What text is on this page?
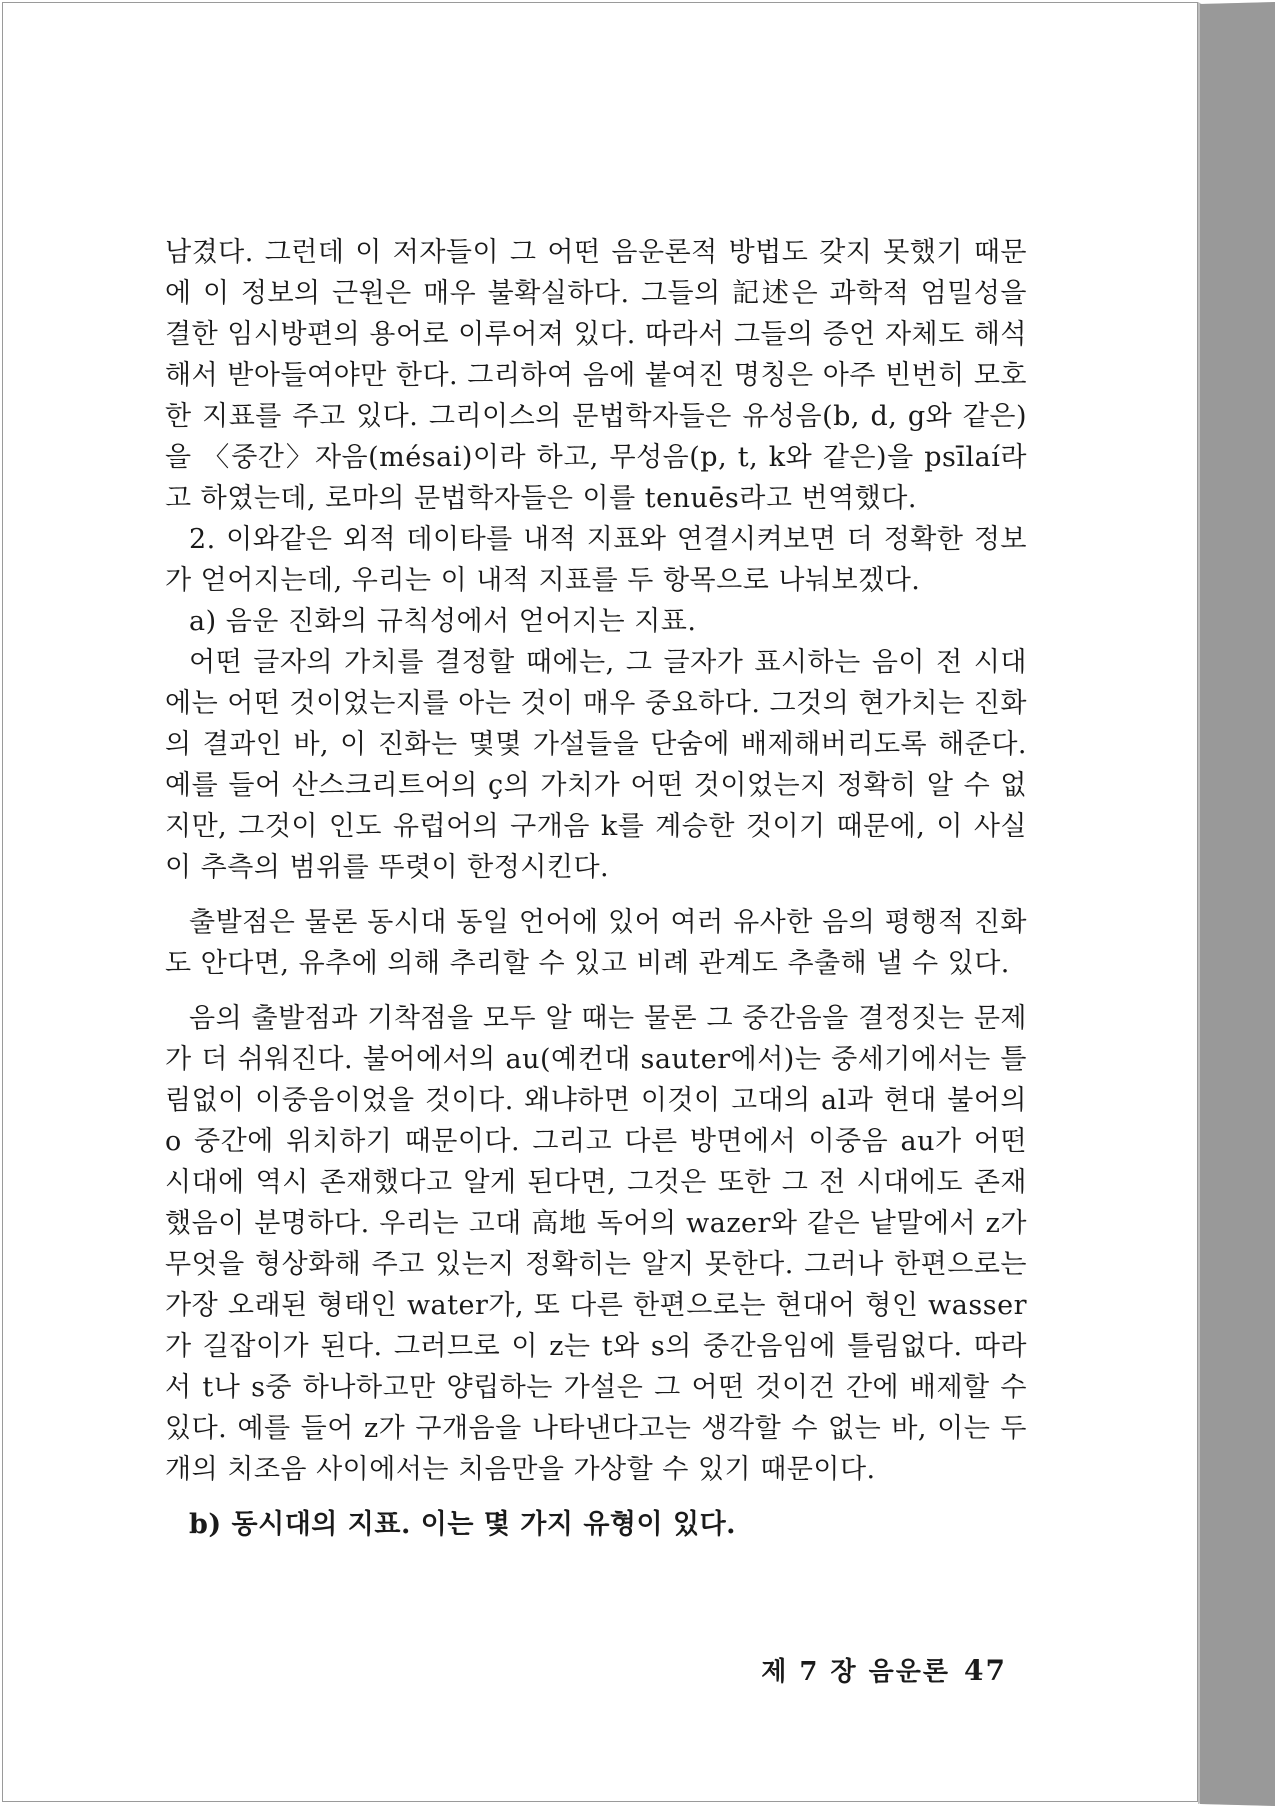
남겼다. 그런데 이 저자들이 그 어떤 음운론적 방법도 갖지 못했기 때문에 이 정보의 근원은 매우 불확실하다. 그들의 記述은 과학적 엄밀성을 결한 임시방편의 용어로 이루어져 있다. 따라서 그들의 증언 자체도 해석해서 받아들여야만 한다. 그리하여 음에 붙여진 명칭은 아주 빈번히 모호한 지표를 주고 있다. 그리이스의 문법학자들은 유성음(b, d, g와 같은)을 〈중간〉자음(mésai)이라 하고, 무성음(p, t, k와 같은)을 psīlaí라고 하였는데, 로마의 문법학자들은 이를 tenuēs라고 번역했다.

2. 이와같은 외적 데이타를 내적 지표와 연결시켜보면 더 정확한 정보가 얻어지는데, 우리는 이 내적 지표를 두 항목으로 나눠보겠다.

a) 음운 진화의 규칙성에서 얻어지는 지표.

어떤 글자의 가치를 결정할 때에는, 그 글자가 표시하는 음이 전 시대에는 어떤 것이었는지를 아는 것이 매우 중요하다. 그것의 현가치는 진화의 결과인 바, 이 진화는 몇몇 가설들을 단숨에 배제해버리도록 해준다. 예를 들어 산스크리트어의 ç의 가치가 어떤 것이었는지 정확히 알 수 없지만, 그것이 인도 유럽어의 구개음 k를 계승한 것이기 때문에, 이 사실이 추측의 범위를 뚜렷이 한정시킨다.

출발점은 물론 동시대 동일 언어에 있어 여러 유사한 음의 평행적 진화도 안다면, 유추에 의해 추리할 수 있고 비례 관계도 추출해 낼 수 있다.

음의 출발점과 기착점을 모두 알 때는 물론 그 중간음을 결정짓는 문제가 더 쉬워진다. 불어에서의 au(예컨대 sauter에서)는 중세기에서는 틀림없이 이중음이었을 것이다. 왜냐하면 이것이 고대의 al과 현대 불어의 o 중간에 위치하기 때문이다. 그리고 다른 방면에서 이중음 au가 어떤 시대에 역시 존재했다고 알게 된다면, 그것은 또한 그 전 시대에도 존재했음이 분명하다. 우리는 고대 高地 독어의 wazer와 같은 낱말에서 z가 무엇을 형상화해 주고 있는지 정확히는 알지 못한다. 그러나 한편으로는 가장 오래된 형태인 water가, 또 다른 한편으로는 현대어 형인 wasser가 길잡이가 된다. 그러므로 이 z는 t와 s의 중간음임에 틀림없다. 따라서 t나 s중 하나하고만 양립하는 가설은 그 어떤 것이건 간에 배제할 수 있다. 예를 들어 z가 구개음을 나타낸다고는 생각할 수 없는 바, 이는 두 개의 치조음 사이에서는 치음만을 가상할 수 있기 때문이다.

b) 동시대의 지표. 이는 몇 가지 유형이 있다.

제 7 장 음운론 47
